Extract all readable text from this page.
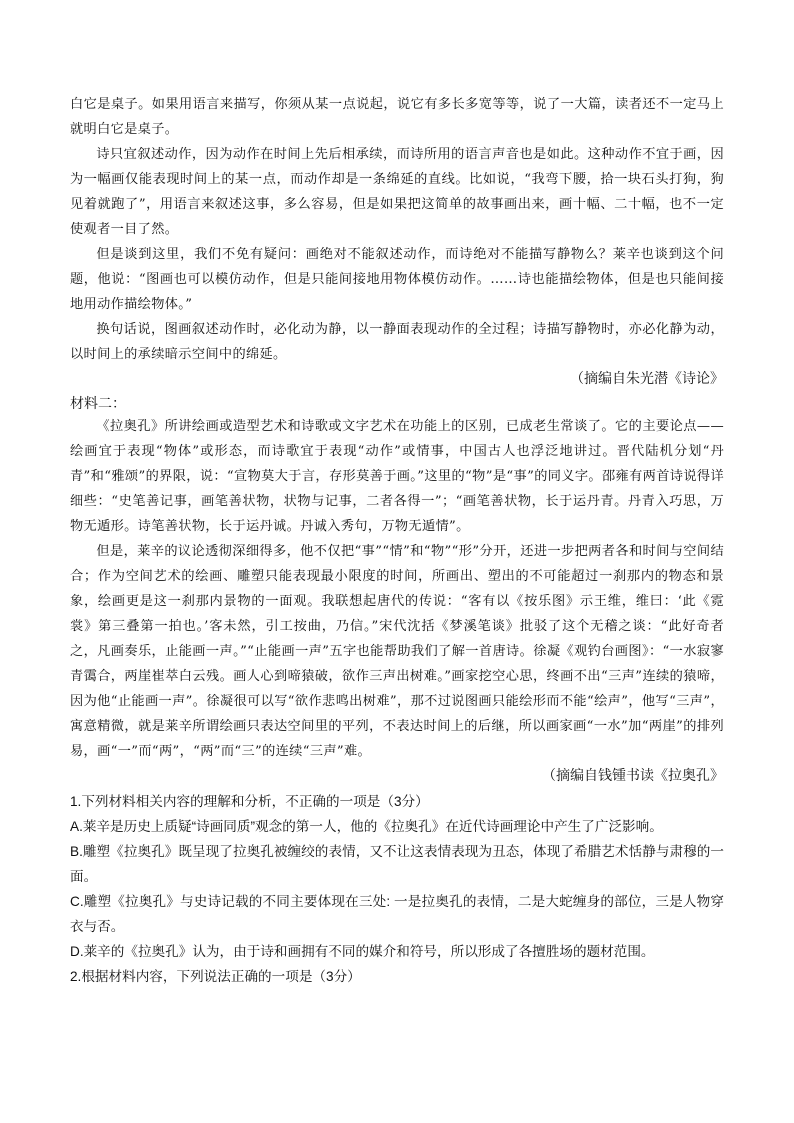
白它是桌子。如果用语言来描写，你须从某一点说起，说它有多长多宽等等，说了一大篇，读者还不一定马上就明白它是桌子。

诗只宜叙述动作，因为动作在时间上先后相承续，而诗所用的语言声音也是如此。这种动作不宜于画，因为一幅画仅能表现时间上的某一点，而动作却是一条绵延的直线。比如说，“我弯下腰，拾一块石头打狗，狗见着就跑了”，用语言来叙述这事，多么容易，但是如果把这简单的故事画出来，画十幅、二十幅，也不一定使观者一目了然。

但是谈到这里，我们不免有疑问：画绝对不能叙述动作，而诗绝对不能描写静物么？莱辛也谈到这个问题，他说：“图画也可以模仿动作，但是只能间接地用物体模仿动作。……诗也能描绘物体，但是也只能间接地用动作描绘物体。”

换句话说，图画叙述动作时，必化动为静，以一静面表现动作的全过程；诗描写静物时，亦必化静为动，以时间上的承续暗示空间中的绵延。

（摘编自朱光潜《诗论》

材料二：

《拉奥孔》所讲绘画或造型艺术和诗歌或文字艺术在功能上的区别，已成老生常谈了。它的主要论点——绘画宜于表现“物体”或形态，而诗歌宜于表现“动作”或情事，中国古人也浮泛地讲过。晋代陆机分划“丹青”和“雅颂”的界限，说：“宣物莫大于言，存形莫善于画。”这里的“物”是“事”的同义字。邵雍有两首诗说得详细些：“史笔善记事，画笔善状物，状物与记事，二者各得一”；“画笔善状物，长于运丹青。丹青入巧思，万物无遁形。诗笔善状物，长于运丹诚。丹诚入秀句，万物无遁情”。

但是，莱辛的议论透彻深细得多，他不仅把“事”“情”和“物”“形”分开，还进一步把两者各和时间与空间结合；作为空间艺术的绘画、雕塑只能表现最小限度的时间，所画出、塑出的不可能超过一刹那内的物态和景象，绘画更是这一刹那内景物的一面观。我联想起唐代的传说：“客有以《按乐图》示王维，维曰：‘此《霓裳》第三叠第一拍也。’客未然，引工按曲，乃信。”宋代沈括《梦溪笔谈》批驳了这个无稽之谈：“此好奇者之，凡画奏乐，止能画一声。”“止能画一声”五字也能帮助我们了解一首唐诗。徐凝《观钓台画图》：“一水寂寥青霭合，两崖崔萃白云残。画人心到啼猿破，欲作三声出树难。”画家挖空心思，终画不出“三声”连续的猿啼，因为他“止能画一声”。徐凝很可以写“欲作悲鸣出树难”，那不过说图画只能绘形而不能“绘声”，他写“三声”，寓意精微，就是莱辛所谓绘画只表达空间里的平列，不表达时间上的后继，所以画家画“一水”加“两崖”的排列易，画“一”而“两”，“两”而“三”的连续“三声”难。

（摘编自钱锺书读《拉奥孔》

1.下列材料相关内容的理解和分析，不正确的一项是（3分）

A.莱辛是历史上质疑“诗画同质”观念的第一人，他的《拉奥孔》在近代诗画理论中产生了广泛影响。

B.雕塑《拉奥孔》既呈现了拉奥孔被缠绞的表情，又不让这表情表现为丑态，体现了希腊艺术恬静与肃穆的一面。

C.雕塑《拉奥孔》与史诗记载的不同主要体现在三处: 一是拉奥孔的表情，二是大蛇缠身的部位，三是人物穿衣与否。

D.莱辛的《拉奥孔》认为，由于诗和画拥有不同的媒介和符号，所以形成了各擅胜场的题材范围。

2.根据材料内容，下列说法正确的一项是（3分）
